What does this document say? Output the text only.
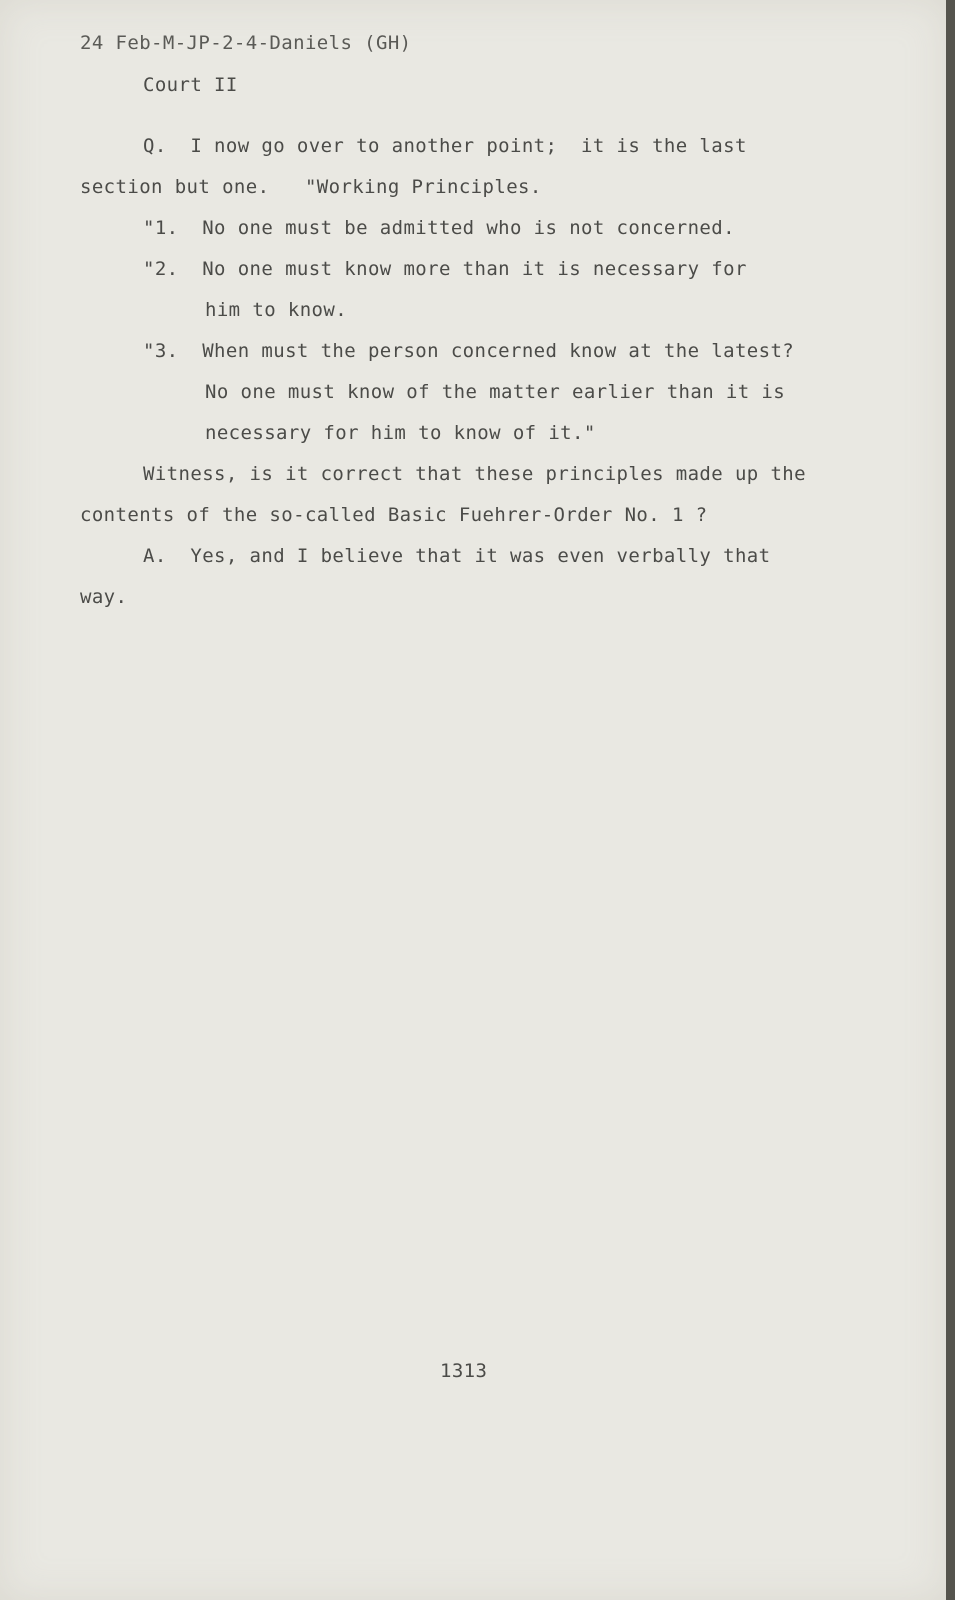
24 Feb-M-JP-2-4-Daniels (GH)
Court II
Q.  I now go over to another point;  it is the last
section but one.   "Working Principles.
"1.  No one must be admitted who is not concerned.
"2.  No one must know more than it is necessary for
him to know.
"3.  When must the person concerned know at the latest?
No one must know of the matter earlier than it is
necessary for him to know of it."
Witness, is it correct that these principles made up the
contents of the so-called Basic Fuehrer-Order No. 1 ?
A.  Yes, and I believe that it was even verbally that
way.
1313
